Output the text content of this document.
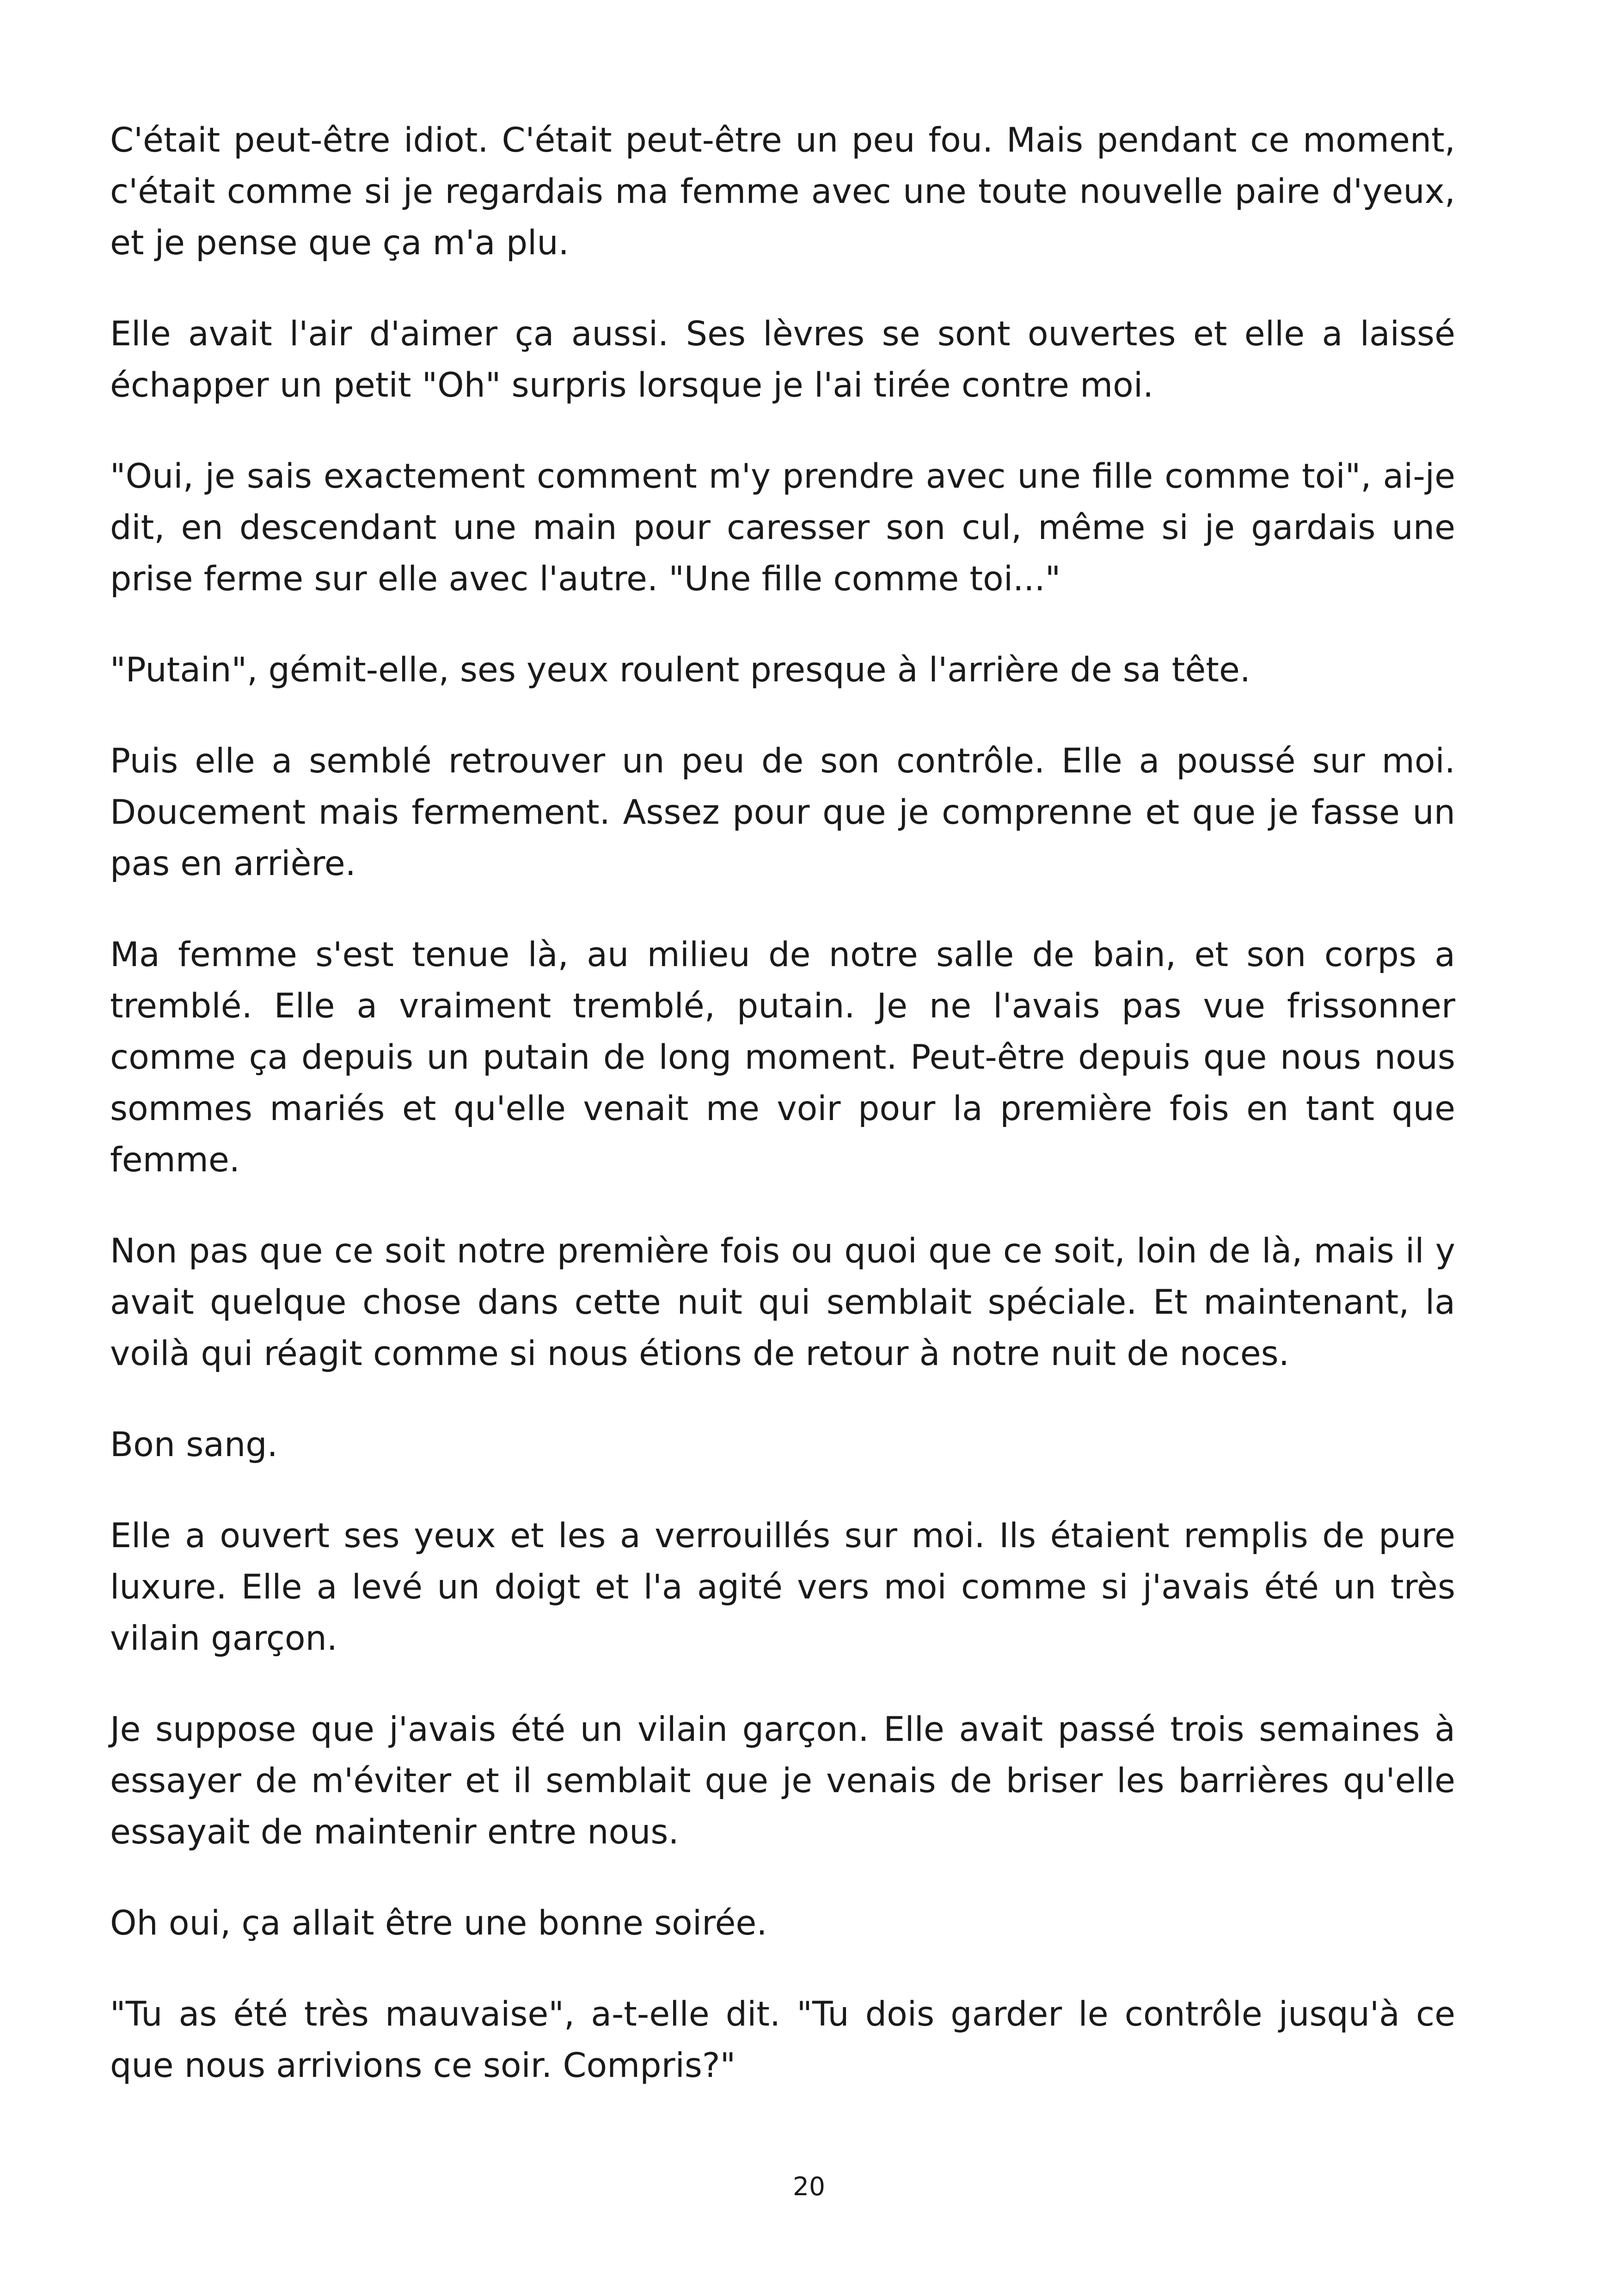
C'était peut-être idiot. C'était peut-être un peu fou. Mais pendant ce moment, c'était comme si je regardais ma femme avec une toute nouvelle paire d'yeux, et je pense que ça m'a plu.

Elle avait l'air d'aimer ça aussi. Ses lèvres se sont ouvertes et elle a laissé échapper un petit "Oh" surpris lorsque je l'ai tirée contre moi.

"Oui, je sais exactement comment m'y prendre avec une fille comme toi", ai-je dit, en descendant une main pour caresser son cul, même si je gardais une prise ferme sur elle avec l'autre. "Une fille comme toi..."

"Putain", gémit-elle, ses yeux roulent presque à l'arrière de sa tête.

Puis elle a semblé retrouver un peu de son contrôle. Elle a poussé sur moi. Doucement mais fermement. Assez pour que je comprenne et que je fasse un pas en arrière.

Ma femme s'est tenue là, au milieu de notre salle de bain, et son corps a tremblé. Elle a vraiment tremblé, putain. Je ne l'avais pas vue frissonner comme ça depuis un putain de long moment. Peut-être depuis que nous nous sommes mariés et qu'elle venait me voir pour la première fois en tant que femme.

Non pas que ce soit notre première fois ou quoi que ce soit, loin de là, mais il y avait quelque chose dans cette nuit qui semblait spéciale. Et maintenant, la voilà qui réagit comme si nous étions de retour à notre nuit de noces.

Bon sang.

Elle a ouvert ses yeux et les a verrouillés sur moi. Ils étaient remplis de pure luxure. Elle a levé un doigt et l'a agité vers moi comme si j'avais été un très vilain garçon.

Je suppose que j'avais été un vilain garçon. Elle avait passé trois semaines à essayer de m'éviter et il semblait que je venais de briser les barrières qu'elle essayait de maintenir entre nous.

Oh oui, ça allait être une bonne soirée.

"Tu as été très mauvaise", a-t-elle dit. "Tu dois garder le contrôle jusqu'à ce que nous arrivions ce soir. Compris?"

20
